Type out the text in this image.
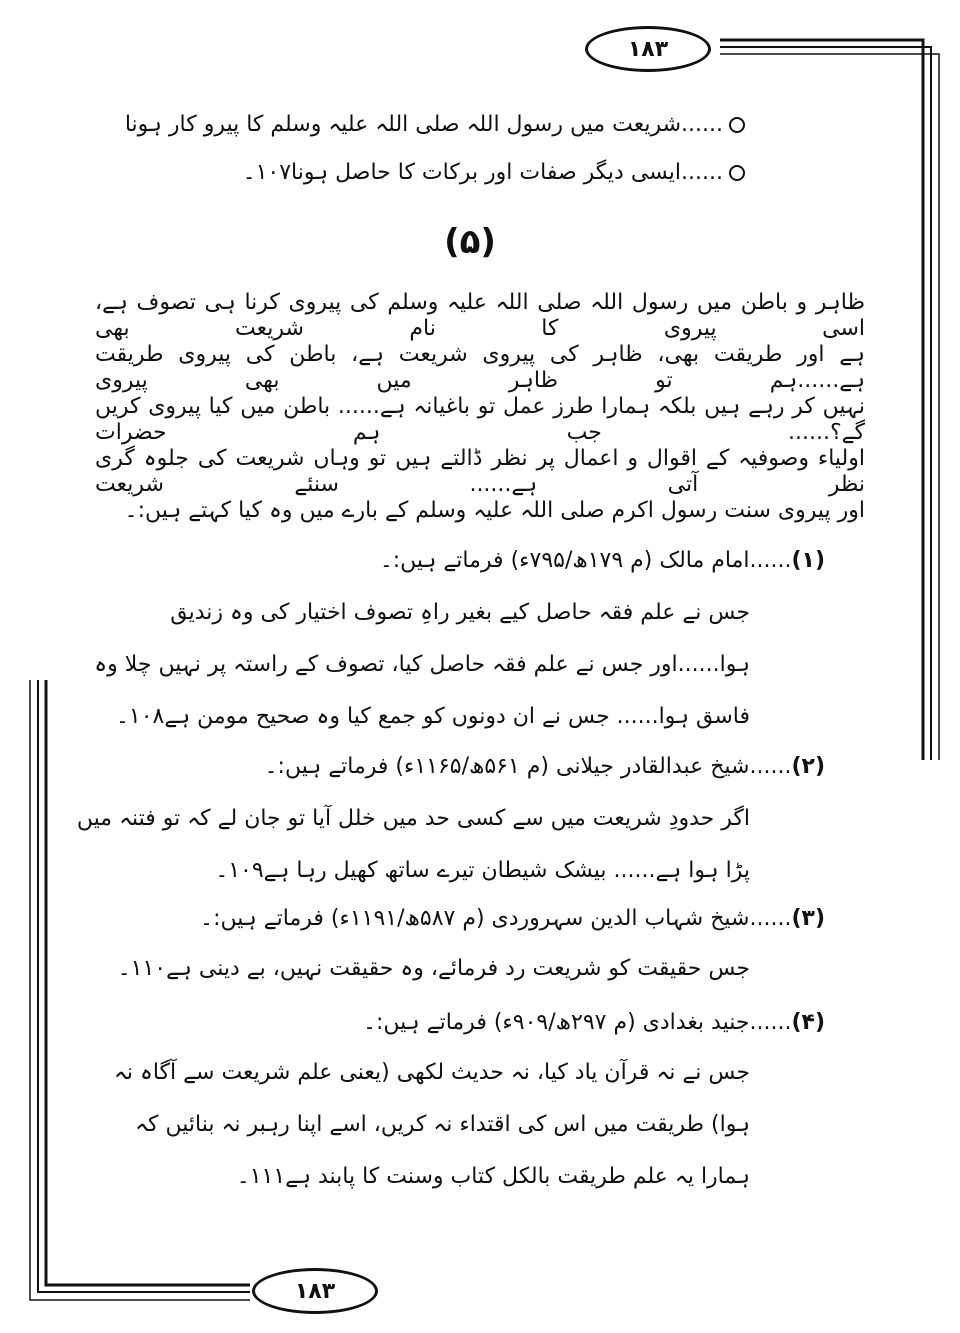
۱۸۳
۱۸۳
......شریعت میں رسول اللہ صلی اللہ علیہ وسلم کا پیرو کار ہونا
......ایسی دیگر صفات اور برکات کا حاصل ہونا۱۰۷۔
(۵)
ظاہر و باطن میں رسول اللہ صلی اللہ علیہ وسلم کی پیروی کرنا ہی تصوف ہے، اسی پیروی کا نام شریعت بھی
ہے اور طریقت بھی، ظاہر کی پیروی شریعت ہے، باطن کی پیروی طریقت ہے......ہم تو ظاہر میں بھی پیروی
نہیں کر رہے ہیں بلکہ ہمارا طرز عمل تو باغیانہ ہے...... باطن میں کیا پیروی کریں گے؟...... جب ہم حضرات
اولیاء وصوفیہ کے اقوال و اعمال پر نظر ڈالتے ہیں تو وہاں شریعت کی جلوہ گری نظر آتی ہے...... سنئے شریعت
اور پیروی سنت رسول اکرم صلی اللہ علیہ وسلم کے بارے میں وہ کیا کہتے ہیں:۔
(۱)......امام مالک (م ۱۷۹ھ/۷۹۵ء) فرماتے ہیں:۔
جس نے علم فقہ حاصل کیے بغیر راہِ تصوف اختیار کی وہ زندیق
ہوا......اور جس نے علم فقہ حاصل کیا، تصوف کے راستہ پر نہیں چلا وہ
فاسق ہوا...... جس نے ان دونوں کو جمع کیا وہ صحیح مومن ہے۱۰۸۔
(۲)......شیخ عبدالقادر جیلانی (م ۵۶۱ھ/۱۱۶۵ء) فرماتے ہیں:۔
اگر حدودِ شریعت میں سے کسی حد میں خلل آیا تو جان لے کہ تو فتنہ میں
پڑا ہوا ہے...... بیشک شیطان تیرے ساتھ کھیل رہا ہے۱۰۹۔
(۳)......شیخ شہاب الدین سہروردی (م ۵۸۷ھ/۱۱۹۱ء) فرماتے ہیں:۔
جس حقیقت کو شریعت رد فرمائے، وہ حقیقت نہیں، بے دینی ہے۱۱۰۔
(۴)......جنید بغدادی (م ۲۹۷ھ/۹۰۹ء) فرماتے ہیں:۔
جس نے نہ قرآن یاد کیا، نہ حدیث لکھی (یعنی علم شریعت سے آگاہ نہ
ہوا) طریقت میں اس کی اقتداء نہ کریں، اسے اپنا رہبر نہ بنائیں کہ
ہمارا یہ علم طریقت بالکل کتاب وسنت کا پابند ہے۱۱۱۔
